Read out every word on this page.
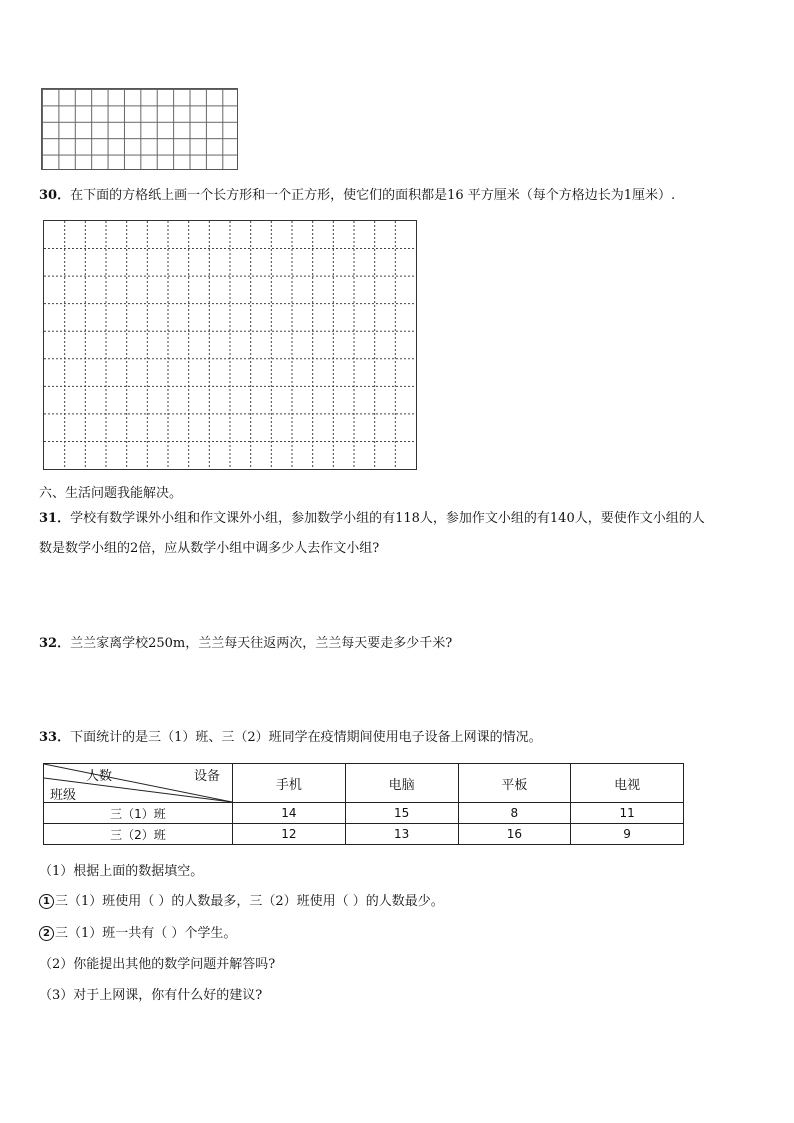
30．在下面的方格纸上画一个长方形和一个正方形，使它们的面积都是16 平方厘米（每个方格边长为1厘米）.
六、生活问题我能解决。
31．学校有数学课外小组和作文课外小组，参加数学小组的有118人，参加作文小组的有140人，要使作文小组的人
数是数学小组的2倍，应从数学小组中调多少人去作文小组?
32．兰兰家离学校250m，兰兰每天往返两次，兰兰每天要走多少千米?
33．下面统计的是三（1）班、三（2）班同学在疫情期间使用电子设备上网课的情况。
人数 设备
班级	手机	电脑	平板	电视
三（1）班	14	15	8	11
三（2）班	12	13	16	9
（1）根据上面的数据填空。
1 三（1）班使用（ ）的人数最多，三（2）班使用（ ）的人数最少。
2 三（1）班一共有（ ）个学生。
（2）你能提出其他的数学问题并解答吗?
（3）对于上网课，你有什么好的建议?
